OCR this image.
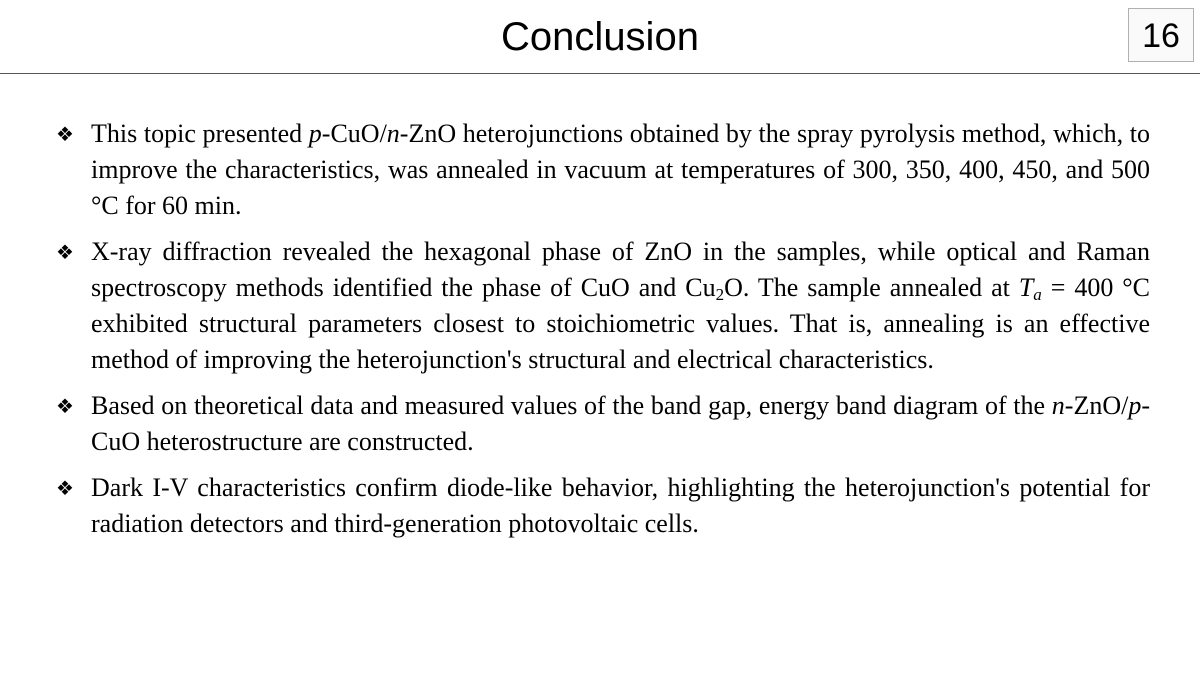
Conclusion	16
❖ This topic presented p-CuO/n-ZnO heterojunctions obtained by the spray pyrolysis method, which, to improve the characteristics, was annealed in vacuum at temperatures of 300, 350, 400, 450, and 500 °C for 60 min.
❖ X-ray diffraction revealed the hexagonal phase of ZnO in the samples, while optical and Raman spectroscopy methods identified the phase of CuO and $Cu_2O$. The sample annealed at $T_a = 400$ °C exhibited structural parameters closest to stoichiometric values. That is, annealing is an effective method of improving the heterojunction's structural and electrical characteristics.
❖ Based on theoretical data and measured values of the band gap, energy band diagram of the n-ZnO/p-CuO heterostructure are constructed.
❖ Dark I-V characteristics confirm diode-like behavior, highlighting the heterojunction's potential for radiation detectors and third-generation photovoltaic cells.
